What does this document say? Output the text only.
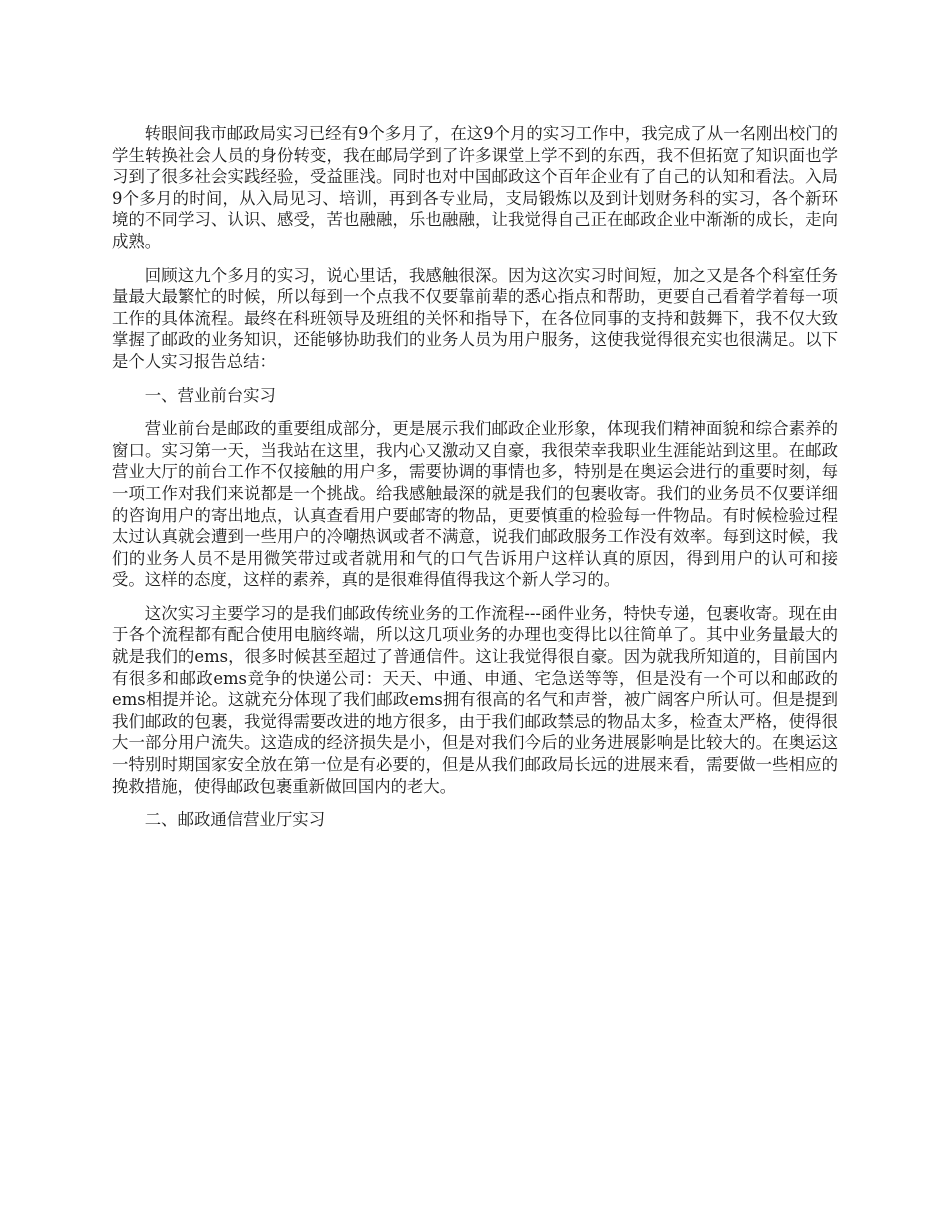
转眼间我市邮政局实习已经有9个多月了，在这9个月的实习工作中，我完成了从一名刚出校门的学生转换社会人员的身份转变，我在邮局学到了许多课堂上学不到的东西，我不但拓宽了知识面也学习到了很多社会实践经验，受益匪浅。同时也对中国邮政这个百年企业有了自己的认知和看法。入局9个多月的时间，从入局见习、培训，再到各专业局，支局锻炼以及到计划财务科的实习，各个新环境的不同学习、认识、感受，苦也融融，乐也融融，让我觉得自己正在邮政企业中渐渐的成长，走向成熟。

回顾这九个多月的实习，说心里话，我感触很深。因为这次实习时间短，加之又是各个科室任务量最大最繁忙的时候，所以每到一个点我不仅要靠前辈的悉心指点和帮助，更要自己看着学着每一项工作的具体流程。最终在科班领导及班组的关怀和指导下，在各位同事的支持和鼓舞下，我不仅大致掌握了邮政的业务知识，还能够协助我们的业务人员为用户服务，这使我觉得很充实也很满足。以下是个人实习报告总结：

一、营业前台实习

营业前台是邮政的重要组成部分，更是展示我们邮政企业形象，体现我们精神面貌和综合素养的窗口。实习第一天，当我站在这里，我内心又激动又自豪，我很荣幸我职业生涯能站到这里。在邮政营业大厅的前台工作不仅接触的用户多，需要协调的事情也多，特别是在奥运会进行的重要时刻，每一项工作对我们来说都是一个挑战。给我感触最深的就是我们的包裹收寄。我们的业务员不仅要详细的咨询用户的寄出地点，认真查看用户要邮寄的物品，更要慎重的检验每一件物品。有时候检验过程太过认真就会遭到一些用户的冷嘲热讽或者不满意，说我们邮政服务工作没有效率。每到这时候，我们的业务人员不是用微笑带过或者就用和气的口气告诉用户这样认真的原因，得到用户的认可和接受。这样的态度，这样的素养，真的是很难得值得我这个新人学习的。

这次实习主要学习的是我们邮政传统业务的工作流程---函件业务，特快专递，包裹收寄。现在由于各个流程都有配合使用电脑终端，所以这几项业务的办理也变得比以往简单了。其中业务量最大的就是我们的ems，很多时候甚至超过了普通信件。这让我觉得很自豪。因为就我所知道的，目前国内有很多和邮政ems竞争的快递公司：天天、中通、申通、宅急送等等，但是没有一个可以和邮政的ems相提并论。这就充分体现了我们邮政ems拥有很高的名气和声誉，被广阔客户所认可。但是提到我们邮政的包裹，我觉得需要改进的地方很多，由于我们邮政禁忌的物品太多，检查太严格，使得很大一部分用户流失。这造成的经济损失是小，但是对我们今后的业务进展影响是比较大的。在奥运这一特别时期国家安全放在第一位是有必要的，但是从我们邮政局长远的进展来看，需要做一些相应的挽救措施，使得邮政包裹重新做回国内的老大。

二、邮政通信营业厅实习
